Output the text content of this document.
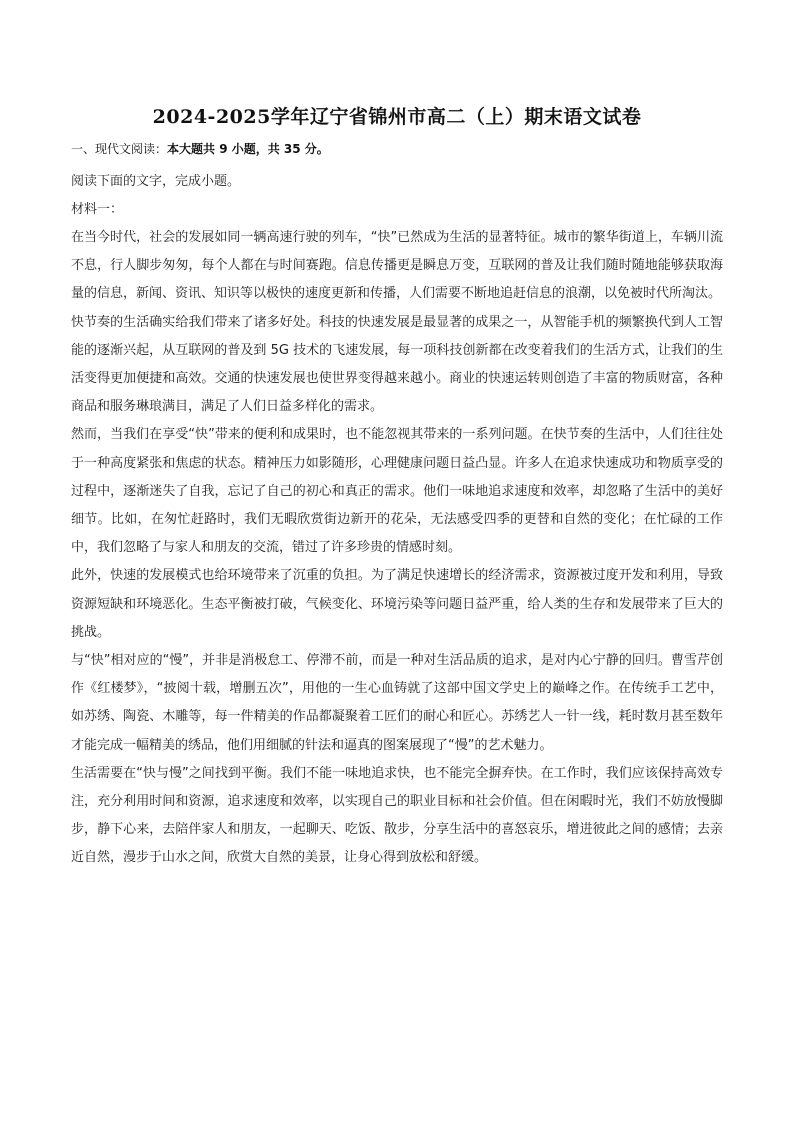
2024-2025学年辽宁省锦州市高二（上）期末语文试卷
一、现代文阅读：本大题共 9 小题，共 35 分。

阅读下面的文字，完成小题。

材料一：

在当今时代，社会的发展如同一辆高速行驶的列车，“快”已然成为生活的显著特征。城市的繁华街道上，车辆川流不息，行人脚步匆匆，每个人都在与时间赛跑。信息传播更是瞬息万变，互联网的普及让我们随时随地能够获取海量的信息，新闻、资讯、知识等以极快的速度更新和传播，人们需要不断地追赶信息的浪潮，以免被时代所淘汰。

快节奏的生活确实给我们带来了诸多好处。科技的快速发展是最显著的成果之一，从智能手机的频繁换代到人工智能的逐渐兴起，从互联网的普及到 5G 技术的飞速发展，每一项科技创新都在改变着我们的生活方式，让我们的生活变得更加便捷和高效。交通的快速发展也使世界变得越来越小。商业的快速运转则创造了丰富的物质财富，各种商品和服务琳琅满目，满足了人们日益多样化的需求。

然而，当我们在享受“快”带来的便利和成果时，也不能忽视其带来的一系列问题。在快节奏的生活中，人们往往处于一种高度紧张和焦虑的状态。精神压力如影随形，心理健康问题日益凸显。许多人在追求快速成功和物质享受的过程中，逐渐迷失了自我，忘记了自己的初心和真正的需求。他们一味地追求速度和效率，却忽略了生活中的美好细节。比如，在匆忙赶路时，我们无暇欣赏街边新开的花朵，无法感受四季的更替和自然的变化；在忙碌的工作中，我们忽略了与家人和朋友的交流，错过了许多珍贵的情感时刻。

此外，快速的发展模式也给环境带来了沉重的负担。为了满足快速增长的经济需求，资源被过度开发和利用，导致资源短缺和环境恶化。生态平衡被打破，气候变化、环境污染等问题日益严重，给人类的生存和发展带来了巨大的挑战。

与“快”相对应的“慢”，并非是消极怠工、停滞不前，而是一种对生活品质的追求，是对内心宁静的回归。曹雪芹创作《红楼梦》，“披阅十载，增删五次”，用他的一生心血铸就了这部中国文学史上的巅峰之作。在传统手工艺中，如苏绣、陶瓷、木雕等，每一件精美的作品都凝聚着工匠们的耐心和匠心。苏绣艺人一针一线，耗时数月甚至数年才能完成一幅精美的绣品，他们用细腻的针法和逼真的图案展现了“慢”的艺术魅力。

生活需要在“快与慢”之间找到平衡。我们不能一味地追求快，也不能完全摒弃快。在工作时，我们应该保持高效专注，充分利用时间和资源，追求速度和效率，以实现自己的职业目标和社会价值。但在闲暇时光，我们不妨放慢脚步，静下心来，去陪伴家人和朋友，一起聊天、吃饭、散步，分享生活中的喜怒哀乐，增进彼此之间的感情；去亲近自然，漫步于山水之间，欣赏大自然的美景，让身心得到放松和舒缓。
